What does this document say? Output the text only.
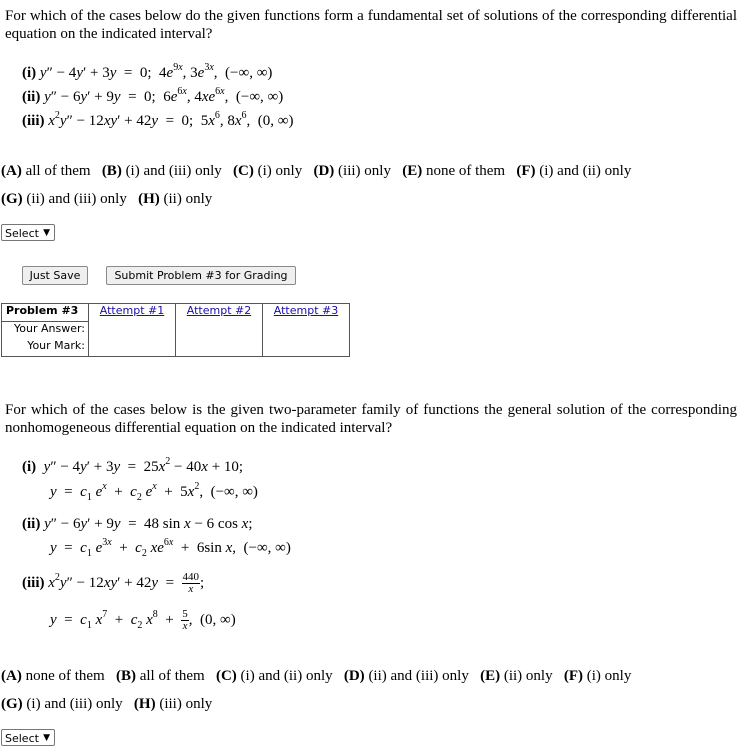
For which of the cases below do the given functions form a fundamental set of solutions of the corresponding differential equation on the indicated interval?
(i) y″ − 4y′ + 3y  =  0;  $4e^{9x}$, $3e^{3x}$,  (−∞, ∞)
(ii) y″ − 6y′ + 9y  =  0;  $6e^{6x}$, $4xe^{6x}$,  (−∞, ∞)
(iii) $x^2y'' - 12xy' + 42y = 0$;  $5x^6$, $8x^6$,  (0, ∞)
(A) all of them (B) (i) and (iii) only (C) (i) only (D) (iii) only (E) none of them (F) (i) and (ii) only
(G) (ii) and (iii) only (H) (ii) only
Select ▼
Just Save	Submit Problem #3 for Grading
Problem #3	Attempt #1	Attempt #2	Attempt #3
Your Answer:
Your Mark:
For which of the cases below is the given two-parameter family of functions the general solution of the corresponding nonhomogeneous differential equation on the indicated interval?
(i) $y'' - 4y' + 3y = 25x^2 - 40x + 10$;
$y = c_1$ $e^x + c_2$ $e^x + 5x^2$,  (−∞, ∞)
(ii) y″ − 6y′ + 9y  =  48 sin x − 6 cos x;
$y = c_1$ $e^{3x} + c_2$ $xe^{6x} + 6\sin$ x,  (−∞, ∞)
(iii) $x^2y'' - 12xy' + 42y = \frac{440}{x}$ ;
$y = c_1$ $x^7 + c_2$ $x^8 + \frac{5}{x}$ ,  (0, ∞)
(A) none of them (B) all of them (C) (i) and (ii) only (D) (ii) and (iii) only (E) (ii) only (F) (i) only
(G) (i) and (iii) only (H) (iii) only
Select ▼
